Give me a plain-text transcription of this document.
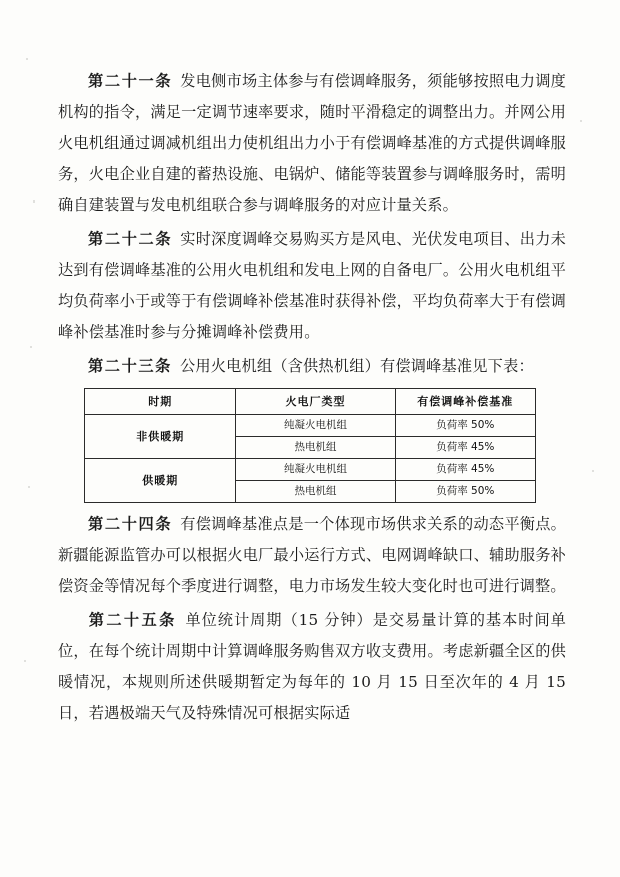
第二十一条 发电侧市场主体参与有偿调峰服务，须能够按照电力调度机构的指令，满足一定调节速率要求，随时平滑稳定的调整出力。并网公用火电机组通过调减机组出力使机组出力小于有偿调峰基准的方式提供调峰服务，火电企业自建的蓄热设施、电锅炉、储能等装置参与调峰服务时，需明确自建装置与发电机组联合参与调峰服务的对应计量关系。

第二十二条 实时深度调峰交易购买方是风电、光伏发电项目、出力未达到有偿调峰基准的公用火电机组和发电上网的自备电厂。公用火电机组平均负荷率小于或等于有偿调峰补偿基准时获得补偿，平均负荷率大于有偿调峰补偿基准时参与分摊调峰补偿费用。

第二十三条 公用火电机组（含供热机组）有偿调峰基准见下表：

时期	火电厂类型	有偿调峰补偿基准
非供暖期	纯凝火电机组	负荷率 50%
	热电机组	负荷率 45%
供暖期	纯凝火电机组	负荷率 45%
	热电机组	负荷率 50%

第二十四条 有偿调峰基准点是一个体现市场供求关系的动态平衡点。新疆能源监管办可以根据火电厂最小运行方式、电网调峰缺口、辅助服务补偿资金等情况每个季度进行调整，电力市场发生较大变化时也可进行调整。

第二十五条 单位统计周期（15 分钟）是交易量计算的基本时间单位，在每个统计周期中计算调峰服务购售双方收支费用。考虑新疆全区的供暖情况，本规则所述供暖期暂定为每年的 10 月 15 日至次年的 4 月 15 日，若遇极端天气及特殊情况可根据实际适
